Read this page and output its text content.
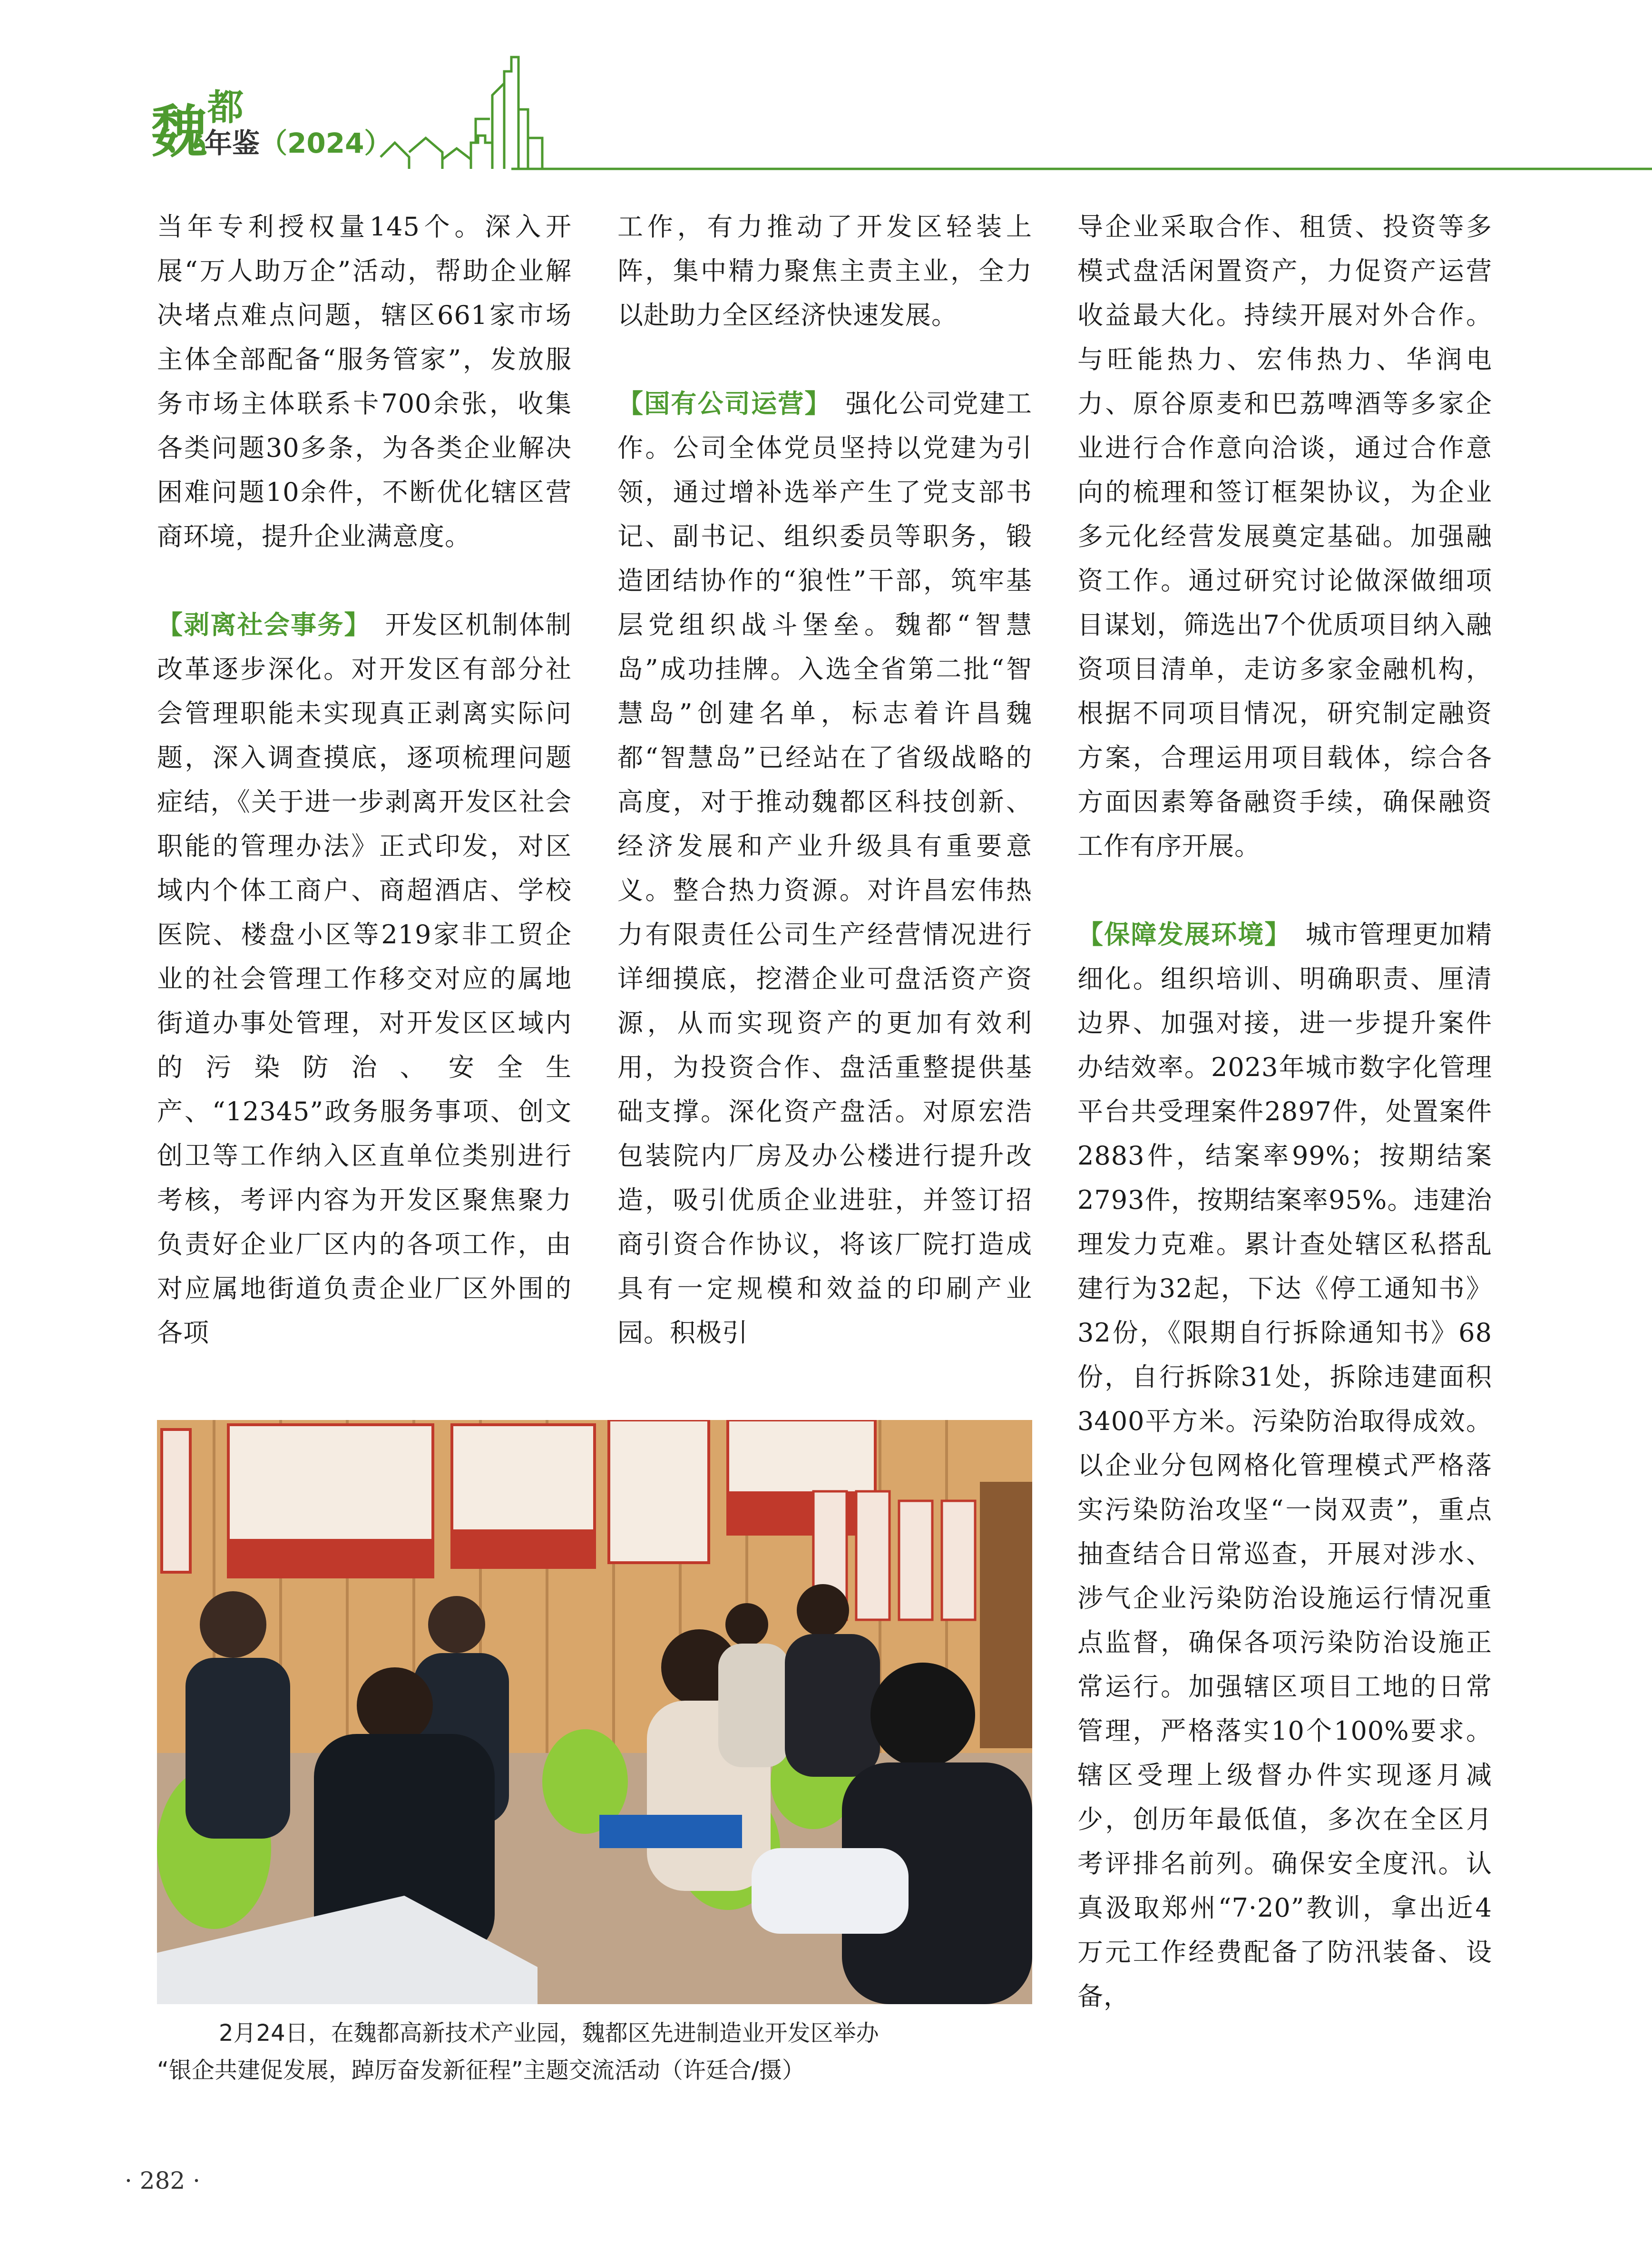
魏 都
年鉴（2024）

当年专利授权量145个。深入开展“万人助万企”活动，帮助企业解决堵点难点问题，辖区661家市场主体全部配备“服务管家”，发放服务市场主体联系卡700余张，收集各类问题30多条，为各类企业解决困难问题10余件，不断优化辖区营商环境，提升企业满意度。

【剥离社会事务】 开发区机制体制改革逐步深化。对开发区有部分社会管理职能未实现真正剥离实际问题，深入调查摸底，逐项梳理问题症结，《关于进一步剥离开发区社会职能的管理办法》正式印发，对区域内个体工商户、商超酒店、学校医院、楼盘小区等219家非工贸企业的社会管理工作移交对应的属地街道办事处管理，对开发区区域内的污染防治、安全生产、“12345”政务服务事项、创文创卫等工作纳入区直单位类别进行考核，考评内容为开发区聚焦聚力负责好企业厂区内的各项工作，由对应属地街道负责企业厂区外围的各项

工作，有力推动了开发区轻装上阵，集中精力聚焦主责主业，全力以赴助力全区经济快速发展。

【国有公司运营】 强化公司党建工作。公司全体党员坚持以党建为引领，通过增补选举产生了党支部书记、副书记、组织委员等职务，锻造团结协作的“狼性”干部，筑牢基层党组织战斗堡垒。魏都“智慧岛”成功挂牌。入选全省第二批“智慧岛”创建名单，标志着许昌魏都“智慧岛”已经站在了省级战略的高度，对于推动魏都区科技创新、经济发展和产业升级具有重要意义。整合热力资源。对许昌宏伟热力有限责任公司生产经营情况进行详细摸底，挖潜企业可盘活资产资源，从而实现资产的更加有效利用，为投资合作、盘活重整提供基础支撑。深化资产盘活。对原宏浩包装院内厂房及办公楼进行提升改造，吸引优质企业进驻，并签订招商引资合作协议，将该厂院打造成具有一定规模和效益的印刷产业园。积极引

导企业采取合作、租赁、投资等多模式盘活闲置资产，力促资产运营收益最大化。持续开展对外合作。与旺能热力、宏伟热力、华润电力、原谷原麦和巴荔啤酒等多家企业进行合作意向洽谈，通过合作意向的梳理和签订框架协议，为企业多元化经营发展奠定基础。加强融资工作。通过研究讨论做深做细项目谋划，筛选出7个优质项目纳入融资项目清单，走访多家金融机构，根据不同项目情况，研究制定融资方案，合理运用项目载体，综合各方面因素筹备融资手续，确保融资工作有序开展。

【保障发展环境】 城市管理更加精细化。组织培训、明确职责、厘清边界、加强对接，进一步提升案件办结效率。2023年城市数字化管理平台共受理案件2897件，处置案件2883件，结案率99%；按期结案2793件，按期结案率95%。违建治理发力克难。累计查处辖区私搭乱建行为32起，下达《停工通知书》32份，《限期自行拆除通知书》68份，自行拆除31处，拆除违建面积3400平方米。污染防治取得成效。以企业分包网格化管理模式严格落实污染防治攻坚“一岗双责”，重点抽查结合日常巡查，开展对涉水、涉气企业污染防治设施运行情况重点监督，确保各项污染防治设施正常运行。加强辖区项目工地的日常管理，严格落实10个100%要求。辖区受理上级督办件实现逐月减少，创历年最低值，多次在全区月考评排名前列。确保安全度汛。认真汲取郑州“7·20”教训，拿出近4万元工作经费配备了防汛装备、设备，

2月24日，在魏都高新技术产业园，魏都区先进制造业开发区举办
“银企共建促发展，踔厉奋发新征程”主题交流活动（许廷合/摄）
· 282 ·
